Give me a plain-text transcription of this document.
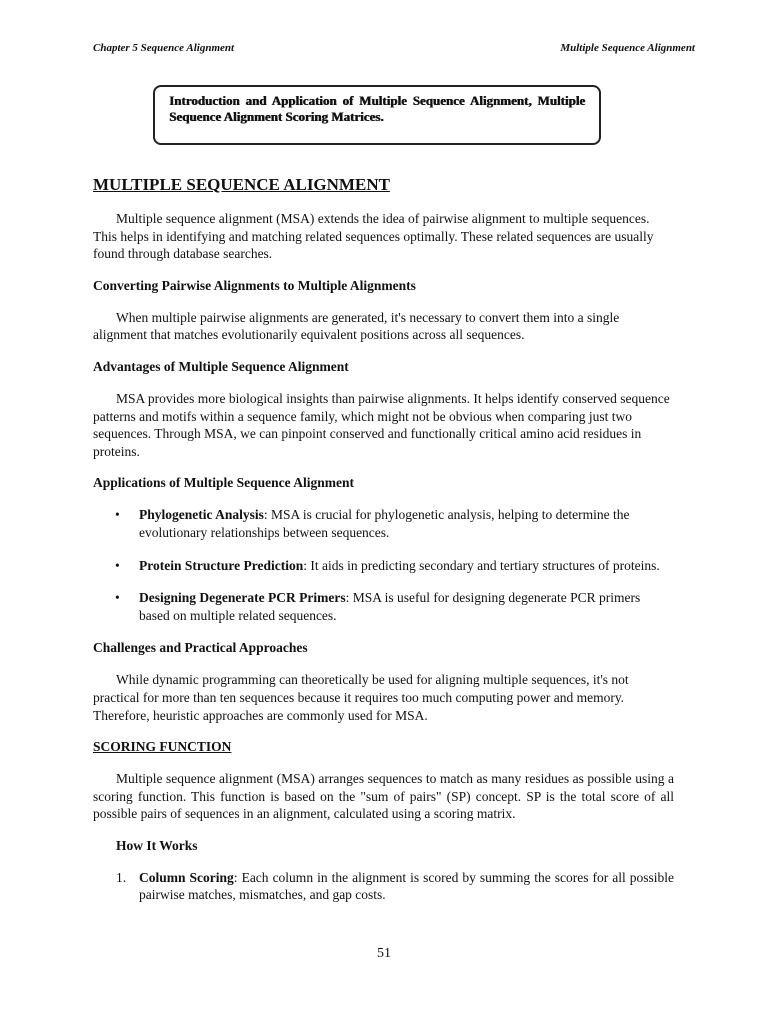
Chapter 5 Sequence Alignment	Multiple Sequence Alignment
Introduction and Application of Multiple Sequence Alignment, Multiple Sequence Alignment Scoring Matrices.
MULTIPLE SEQUENCE ALIGNMENT

Multiple sequence alignment (MSA) extends the idea of pairwise alignment to multiple sequences. This helps in identifying and matching related sequences optimally. These related sequences are usually found through database searches.

Converting Pairwise Alignments to Multiple Alignments

When multiple pairwise alignments are generated, it's necessary to convert them into a single alignment that matches evolutionarily equivalent positions across all sequences.

Advantages of Multiple Sequence Alignment

MSA provides more biological insights than pairwise alignments. It helps identify conserved sequence patterns and motifs within a sequence family, which might not be obvious when comparing just two sequences. Through MSA, we can pinpoint conserved and functionally critical amino acid residues in proteins.

Applications of Multiple Sequence Alignment
• Phylogenetic Analysis: MSA is crucial for phylogenetic analysis, helping to determine the evolutionary relationships between sequences.
• Protein Structure Prediction: It aids in predicting secondary and tertiary structures of proteins.
• Designing Degenerate PCR Primers: MSA is useful for designing degenerate PCR primers based on multiple related sequences.
Challenges and Practical Approaches

While dynamic programming can theoretically be used for aligning multiple sequences, it's not practical for more than ten sequences because it requires too much computing power and memory. Therefore, heuristic approaches are commonly used for MSA.

SCORING FUNCTION

Multiple sequence alignment (MSA) arranges sequences to match as many residues as possible using a scoring function. This function is based on the "sum of pairs" (SP) concept. SP is the total score of all possible pairs of sequences in an alignment, calculated using a scoring matrix.

How It Works
1. Column Scoring: Each column in the alignment is scored by summing the scores for all possible pairwise matches, mismatches, and gap costs.
51
